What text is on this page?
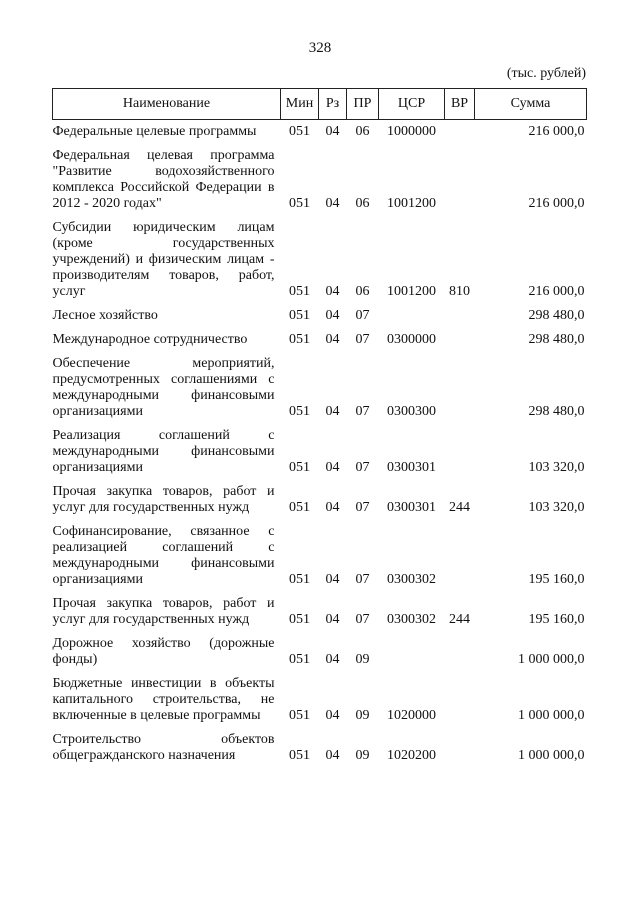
328
(тыс. рублей)
Наименование	Мин	Рз	ПР	ЦСР	ВР	Сумма
Федеральные целевые программы	051	04	06	1000000		216 000,0
Федеральная целевая программа "Развитие водохозяйственного комплекса Российской Федерации в 2012 - 2020 годах"	051	04	06	1001200		216 000,0
Субсидии юридическим лицам (кроме государственных учреждений) и физическим лицам - производителям товаров, работ, услуг	051	04	06	1001200	810	216 000,0
Лесное хозяйство	051	04	07			298 480,0
Международное сотрудничество	051	04	07	0300000		298 480,0
Обеспечение мероприятий, предусмотренных соглашениями с международными финансовыми организациями	051	04	07	0300300		298 480,0
Реализация соглашений с международными финансовыми организациями	051	04	07	0300301		103 320,0
Прочая закупка товаров, работ и услуг для государственных нужд	051	04	07	0300301	244	103 320,0
Софинансирование, связанное с реализацией соглашений с международными финансовыми организациями	051	04	07	0300302		195 160,0
Прочая закупка товаров, работ и услуг для государственных нужд	051	04	07	0300302	244	195 160,0
Дорожное хозяйство (дорожные фонды)	051	04	09			1 000 000,0
Бюджетные инвестиции в объекты капитального строительства, не включенные в целевые программы	051	04	09	1020000		1 000 000,0
Строительство объектов общегражданского назначения	051	04	09	1020200		1 000 000,0
